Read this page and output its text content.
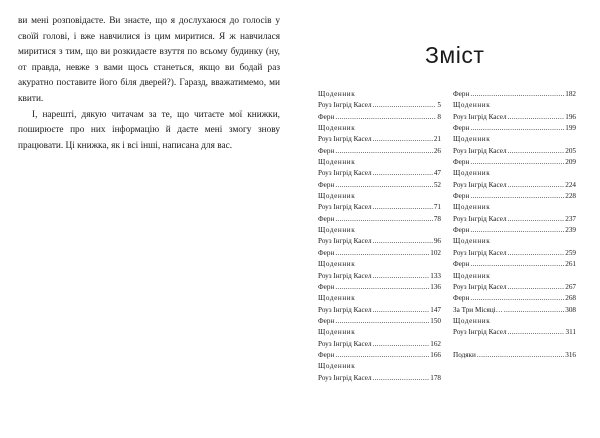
ви мені розповідаєте. Ви знаєте, що я дослухаюся до голосів у своїй голові, і вже навчилися із цим миритися. Я ж навчилася миритися з тим, що ви розкидаєте взуття по всьому будинку (ну, от правда, невже з вами щось станеться, якщо ви бодай раз акуратно поставите його біля дверей?). Гаразд, вважатимемо, ми квити.

І, нарешті, дякую читачам за те, що читаєте мої книжки, поширюєте про них інформацію й даєте мені змогу знову працювати. Ці книжка, як і всі інші, написана для вас.

Зміст
Щоденник
Роуз Інгрід Касел .....	5
Ферн .....	8
Щоденник
Роуз Інгрід Касел .....	21
Ферн .....	26
Щоденник
Роуз Інгрід Касел .....	47
Ферн .....	52
Щоденник
Роуз Інгрід Касел .....	71
Ферн .....	78
Щоденник
Роуз Інгрід Касел .....	96
Ферн .....	102
Щоденник
Роуз Інгрід Касел .....	133
Ферн .....	136
Щоденник
Роуз Інгрід Касел .....	147
Ферн .....	150
Щоденник
Роуз Інгрід Касел .....	162
Ферн .....	166
Щоденник
Роуз Інгрід Касел .....	178
Ферн .....	182
Щоденник
Роуз Інгрід Касел .....	196
Ферн .....	199
Щоденник
Роуз Інгрід Касел .....	205
Ферн .....	209
Щоденник
Роуз Інгрід Касел .....	224
Ферн .....	228
Щоденник
Роуз Інгрід Касел .....	237
Ферн .....	239
Щоденник
Роуз Інгрід Касел .....	259
Ферн .....	261
Щоденник
Роуз Інгрід Касел .....	267
Ферн .....	268
За Три Місяці… .....	308
Щоденник
Роуз Інгрід Касел .....	311
Подяки .....	316
